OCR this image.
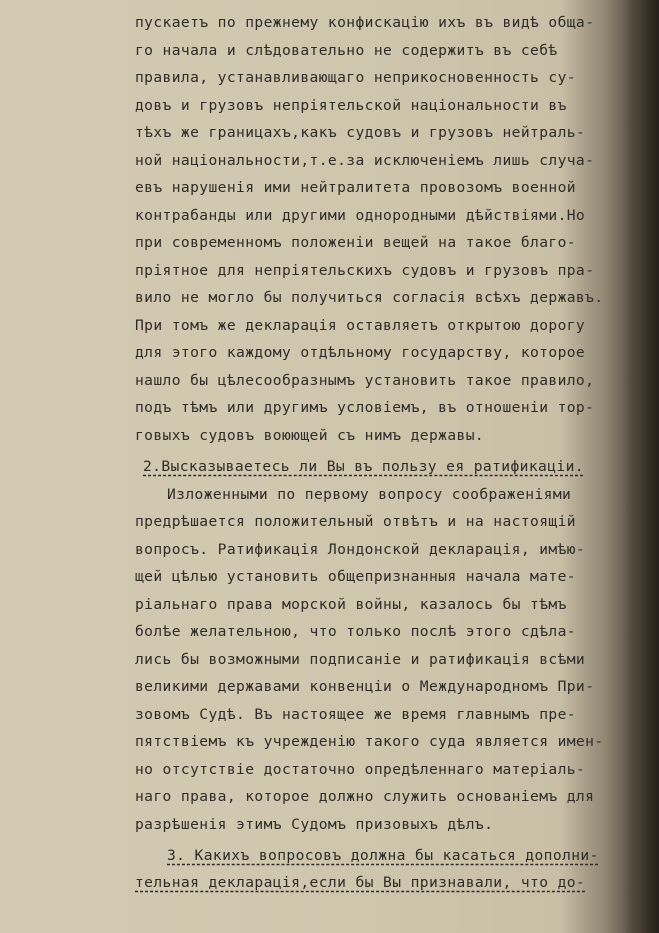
пускаетъ по прежнему конфискацію ихъ въ видѣ обща-
го начала и слѣдовательно не содержитъ въ себѣ
правила, устанавливающаго неприкосновенность су-
довъ и грузовъ непріятельской національности въ
тѣхъ же границахъ,какъ судовъ и грузовъ нейтраль-
ной національности,т.е.за исключеніемъ лишь случа-
евъ нарушенія ими нейтралитета провозомъ военной
контрабанды или другими однородными дѣйствіями.Но
при современномъ положеніи вещей на такое благо-
пріятное для непріятельскихъ судовъ и грузовъ пра-
вило не могло бы получиться согласія всѣхъ державъ.
При томъ же декларація оставляетъ открытою дорогу
для этого каждому отдѣльному государству, которое
нашло бы цѣлесообразнымъ установить такое правило,
подъ тѣмъ или другимъ условіемъ, въ отношеніи тор-
говыхъ судовъ воюющей съ нимъ державы.
2.Высказываетесь ли Вы въ пользу ея ратификаціи.
Изложенными по первому вопросу соображеніями
предрѣшается положительный отвѣтъ и на настоящій
вопросъ. Ратификація Лондонской декларація, имѣю-
щей цѣлью установить общепризнанныя начала мате-
ріальнаго права морской войны, казалось бы тѣмъ
болѣе желательною, что только послѣ этого сдѣла-
лись бы возможными подписаніе и ратификація всѣми
великими державами конвенціи о Международномъ При-
зовомъ Судѣ. Въ настоящее же время главнымъ пре-
пятствіемъ къ учрежденію такого суда является имен-
но отсутствіе достаточно опредѣленнаго матеріаль-
наго права, которое должно служить основаніемъ для
разрѣшенія этимъ Судомъ призовыхъ дѣлъ.
3. Какихъ вопросовъ должна бы касаться дополни-
тельная декларація,если бы Вы признавали, что до-
